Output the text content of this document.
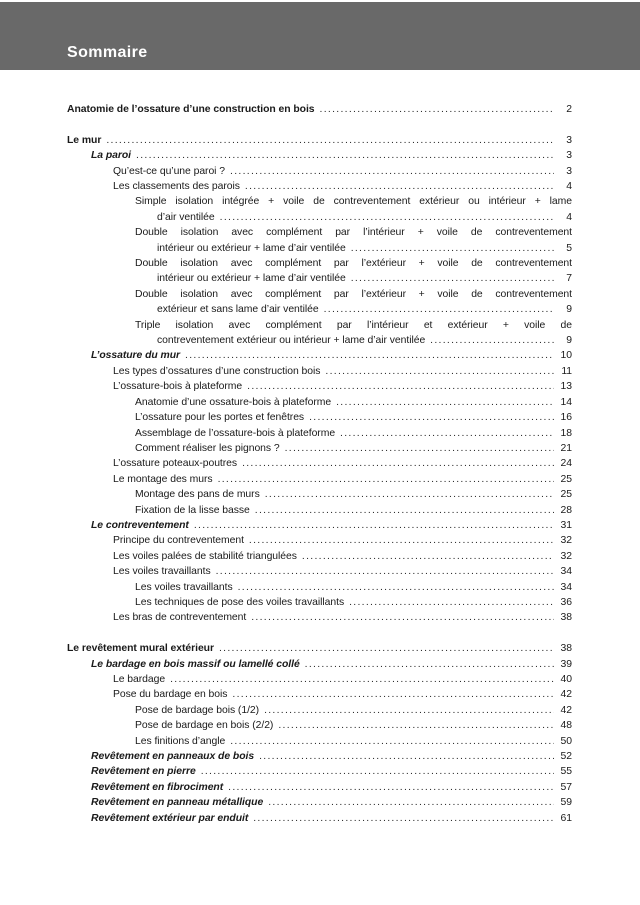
Sommaire
Anatomie de l’ossature d’une construction en bois .....	2
Le mur .....	3
La paroi .....	3
Qu’est-ce qu’une paroi ? .....	3
Les classements des parois .....	4
Simple isolation intégrée + voile de contreventement extérieur ou intérieur + lame
d’air ventilée .....	4
Double isolation avec complément par l’intérieur + voile de contreventement
intérieur ou extérieur + lame d’air ventilée .....	5
Double isolation avec complément par l’extérieur + voile de contreventement
intérieur ou extérieur + lame d’air ventilée .....	7
Double isolation avec complément par l’extérieur + voile de contreventement
extérieur et sans lame d’air ventilée .....	9
Triple isolation avec complément par l’intérieur et extérieur + voile de
contreventement extérieur ou intérieur + lame d’air ventilée .....	9
L’ossature du mur .....	10
Les types d’ossatures d’une construction bois .....	11
L’ossature-bois à plateforme .....	13
Anatomie d’une ossature-bois à plateforme .....	14
L’ossature pour les portes et fenêtres .....	16
Assemblage de l’ossature-bois à plateforme .....	18
Comment réaliser les pignons ? .....	21
L’ossature poteaux-poutres .....	24
Le montage des murs .....	25
Montage des pans de murs .....	25
Fixation de la lisse basse .....	28
Le contreventement .....	31
Principe du contreventement .....	32
Les voiles palées de stabilité triangulées .....	32
Les voiles travaillants .....	34
Les voiles travaillants .....	34
Les techniques de pose des voiles travaillants .....	36
Les bras de contreventement .....	38
Le revêtement mural extérieur .....	38
Le bardage en bois massif ou lamellé collé .....	39
Le bardage .....	40
Pose du bardage en bois .....	42
Pose de bardage bois (1/2) .....	42
Pose de bardage en bois (2/2) .....	48
Les finitions d’angle .....	50
Revêtement en panneaux de bois .....	52
Revêtement en pierre .....	55
Revêtement en fibrociment .....	57
Revêtement en panneau métallique .....	59
Revêtement extérieur par enduit .....	61
